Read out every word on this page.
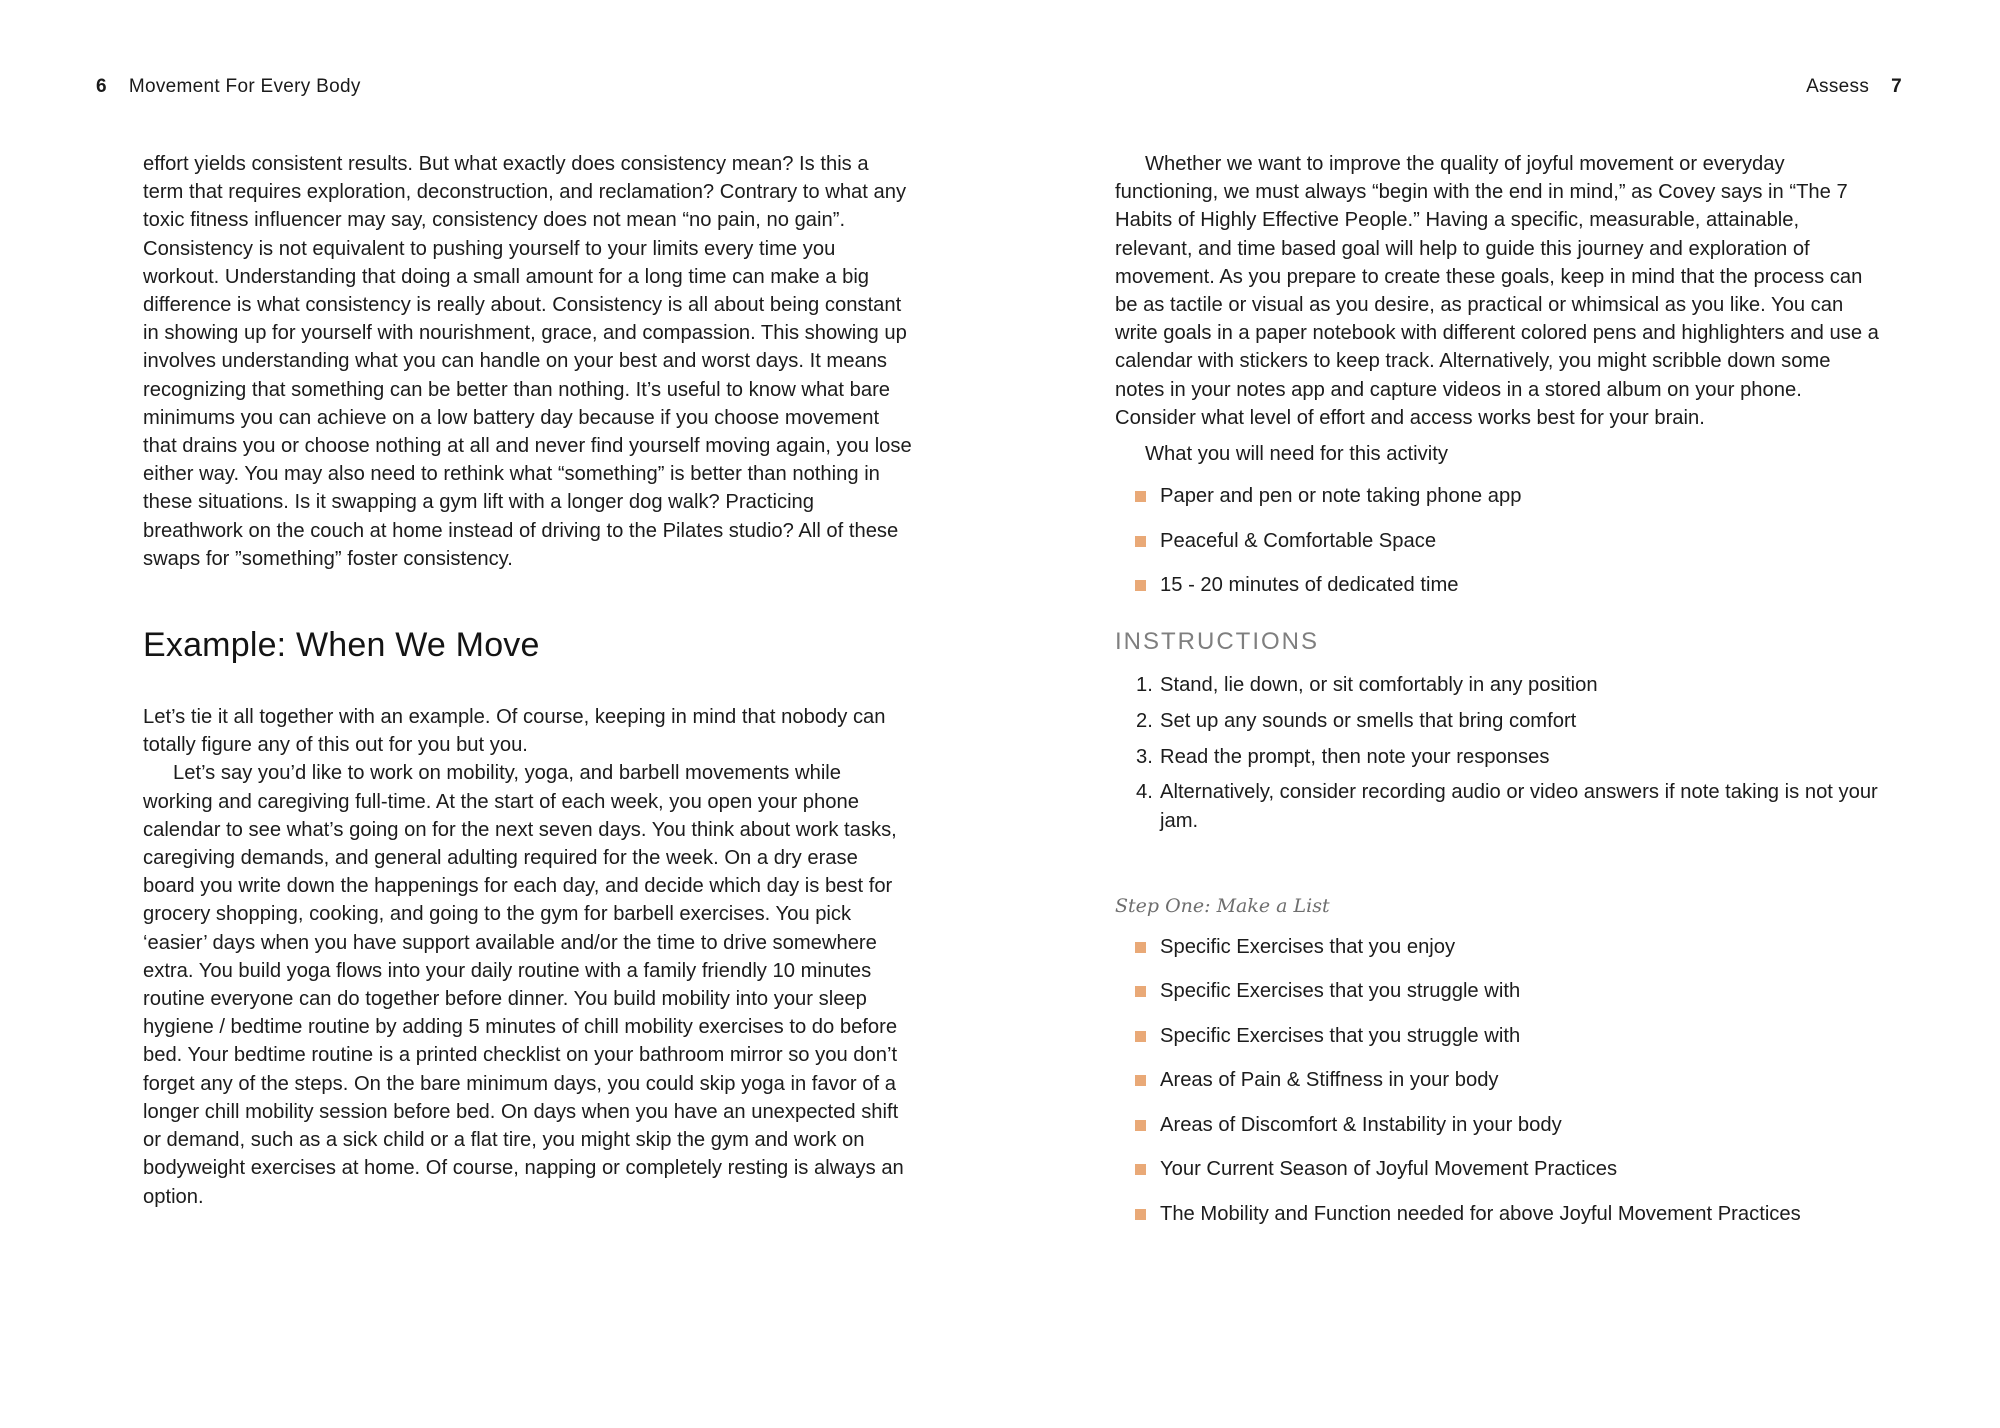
6 Movement For Every Body	Assess 7

effort yields consistent results. But what exactly does consistency mean? Is this a term that requires exploration, deconstruction, and reclamation? Contrary to what any toxic fitness influencer may say, consistency does not mean “no pain, no gain”. Consistency is not equivalent to pushing yourself to your limits every time you workout. Understanding that doing a small amount for a long time can make a big difference is what consistency is really about. Consistency is all about being constant in showing up for yourself with nourishment, grace, and compassion. This showing up involves understanding what you can handle on your best and worst days. It means recognizing that something can be better than nothing. It’s useful to know what bare minimums you can achieve on a low battery day because if you choose movement that drains you or choose nothing at all and never find yourself moving again, you lose either way. You may also need to rethink what “something” is better than nothing in these situations. Is it swapping a gym lift with a longer dog walk? Practicing breathwork on the couch at home instead of driving to the Pilates studio? All of these swaps for ”something” foster consistency.

Example: When We Move

Let’s tie it all together with an example. Of course, keeping in mind that nobody can totally figure any of this out for you but you.

Let’s say you’d like to work on mobility, yoga, and barbell movements while working and caregiving full-time. At the start of each week, you open your phone calendar to see what’s going on for the next seven days. You think about work tasks, caregiving demands, and general adulting required for the week. On a dry erase board you write down the happenings for each day, and decide which day is best for grocery shopping, cooking, and going to the gym for barbell exercises. You pick ‘easier’ days when you have support available and/or the time to drive somewhere extra. You build yoga flows into your daily routine with a family friendly 10 minutes routine everyone can do together before dinner. You build mobility into your sleep hygiene / bedtime routine by adding 5 minutes of chill mobility exercises to do before bed. Your bedtime routine is a printed checklist on your bathroom mirror so you don’t forget any of the steps. On the bare minimum days, you could skip yoga in favor of a longer chill mobility session before bed. On days when you have an unexpected shift or demand, such as a sick child or a flat tire, you might skip the gym and work on bodyweight exercises at home. Of course, napping or completely resting is always an option.

Whether we want to improve the quality of joyful movement or everyday functioning, we must always “begin with the end in mind,” as Covey says in “The 7 Habits of Highly Effective People.” Having a specific, measurable, attainable, relevant, and time based goal will help to guide this journey and exploration of movement. As you prepare to create these goals, keep in mind that the process can be as tactile or visual as you desire, as practical or whimsical as you like. You can write goals in a paper notebook with different colored pens and highlighters and use a calendar with stickers to keep track. Alternatively, you might scribble down some notes in your notes app and capture videos in a stored album on your phone. Consider what level of effort and access works best for your brain.

What you will need for this activity

Paper and pen or note taking phone app
Peaceful & Comfortable Space
15 - 20 minutes of dedicated time
INSTRUCTIONS
1. Stand, lie down, or sit comfortably in any position
2. Set up any sounds or smells that bring comfort
3. Read the prompt, then note your responses
4. Alternatively, consider recording audio or video answers if note taking is not your jam.
Step One: Make a List
Specific Exercises that you enjoy
Specific Exercises that you struggle with
Specific Exercises that you struggle with
Areas of Pain & Stiffness in your body
Areas of Discomfort & Instability in your body
Your Current Season of Joyful Movement Practices
The Mobility and Function needed for above Joyful Movement Practices
